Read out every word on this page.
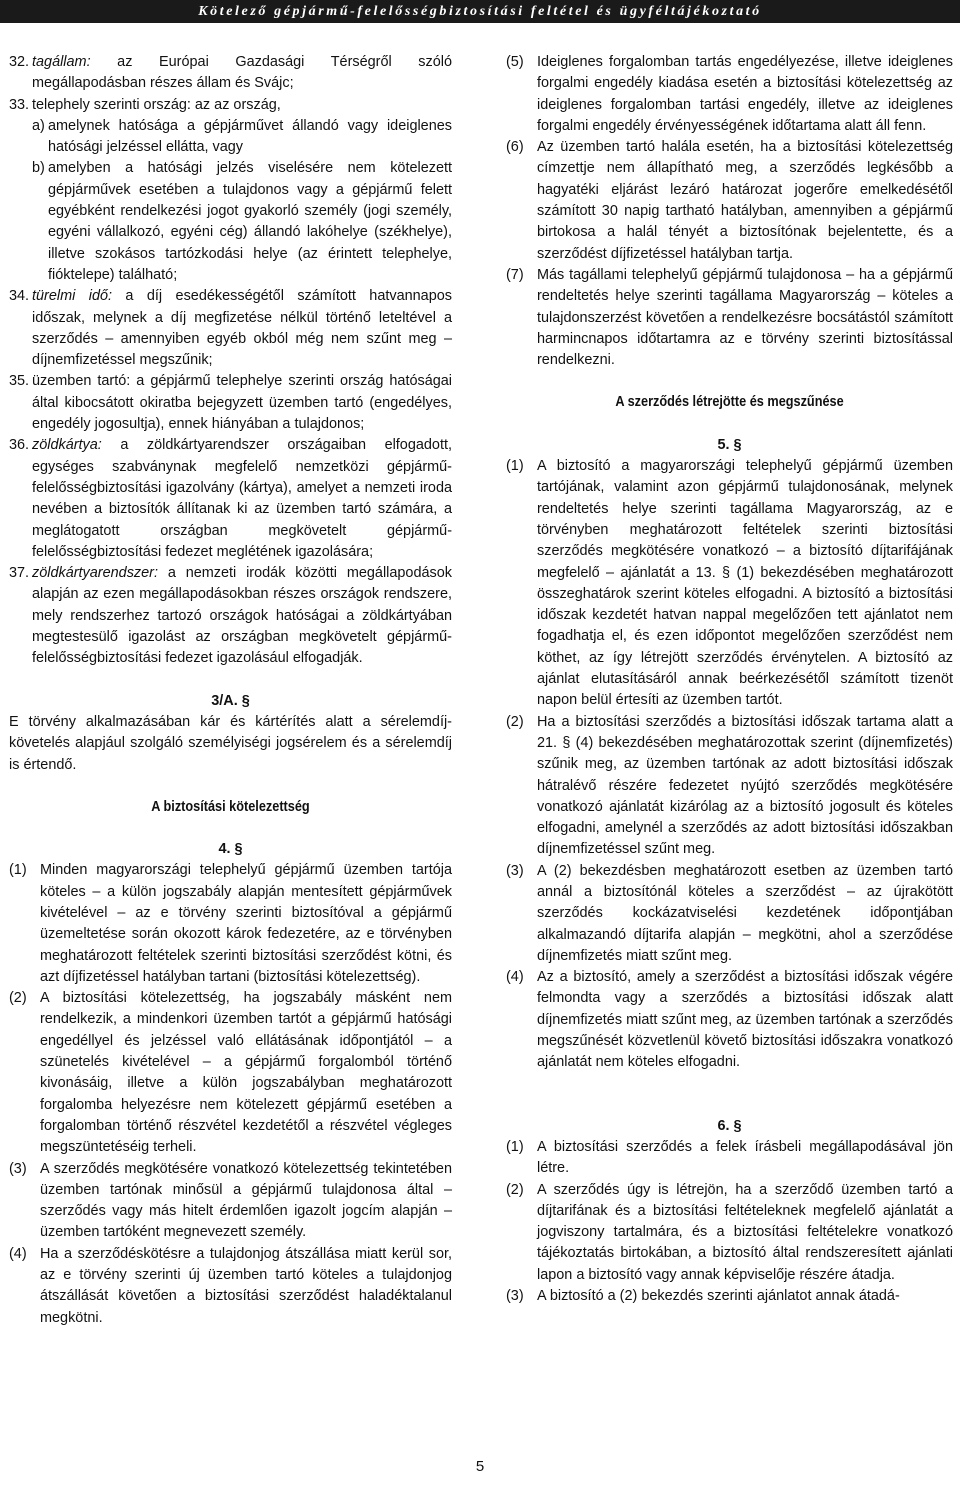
Kötelező gépjármű-felelősségbiztosítási feltétel és ügyféltájékoztató
32. tagállam: az Európai Gazdasági Térségről szóló megállapodásban részes állam és Svájc;
33. telephely szerinti ország: az az ország,
a) amelynek hatósága a gépjárművet állandó vagy ideiglenes hatósági jelzéssel ellátta, vagy
b) amelyben a hatósági jelzés viselésére nem kötelezett gépjárművek esetében a tulajdonos vagy a gépjármű felett egyébként rendelkezési jogot gyakorló személy (jogi személy, egyéni vállalkozó, egyéni cég) állandó lakóhelye (székhelye), illetve szokásos tartózkodási helye (az érintett telephelye, fióktelepe) található;
34. türelmi idő: a díj esedékességétől számított hatvannapos időszak, melynek a díj megfizetése nélkül történő leteltével a szerződés – amennyiben egyéb okból még nem szűnt meg – díjnemfizetéssel megszűnik;
35. üzemben tartó: a gépjármű telephelye szerinti ország hatóságai által kibocsátott okiratba bejegyzett üzemben tartó (engedélyes, engedély jogosultja), ennek hiányában a tulajdonos;
36. zöldkártya: a zöldkártyarendszer országaiban elfogadott, egységes szabványnak megfelelő nemzetközi gépjármű-felelősségbiztosítási igazolvány (kártya), amelyet a nemzeti iroda nevében a biztosítók állítanak ki az üzemben tartó számára, a meglátogatott országban megkövetelt gépjármű-felelősségbiztosítási fedezet meglétének igazolására;
37. zöldkártyarendszer: a nemzeti irodák közötti megállapodások alapján az ezen megállapodásokban részes országok rendszere, mely rendszerhez tartozó országok hatóságai a zöldkártyában megtestesülő igazolást az országban megkövetelt gépjármű-felelősségbiztosítási fedezet igazolásául elfogadják.
3/A. §
E törvény alkalmazásában kár és kártérítés alatt a sérelemdíj-követelés alapjául szolgáló személyiségi jogsérelem és a sérelemdíj is értendő.
A biztosítási kötelezettség
4. §
(1) Minden magyarországi telephelyű gépjármű üzemben tartója köteles – a külön jogszabály alapján mentesített gépjárművek kivételével – az e törvény szerinti biztosítóval a gépjármű üzemeltetése során okozott károk fedezetére, az e törvényben meghatározott feltételek szerinti biztosítási szerződést kötni, és azt díjfizetéssel hatályban tartani (biztosítási kötelezettség).
(2) A biztosítási kötelezettség, ha jogszabály másként nem rendelkezik, a mindenkori üzemben tartót a gépjármű hatósági engedéllyel és jelzéssel való ellátásának időpontjától – a szünetelés kivételével – a gépjármű forgalomból történő kivonásáig, illetve a külön jogszabályban meghatározott forgalomba helyezésre nem kötelezett gépjármű esetében a forgalomban történő részvétel kezdetétől a részvétel végleges megszüntetéséig terheli.
(3) A szerződés megkötésére vonatkozó kötelezettség tekintetében üzemben tartónak minősül a gépjármű tulajdonosa által – szerződés vagy más hitelt érdemlően igazolt jogcím alapján – üzemben tartóként megnevezett személy.
(4) Ha a szerződéskötésre a tulajdonjog átszállása miatt kerül sor, az e törvény szerinti új üzemben tartó köteles a tulajdonjog átszállását követően a biztosítási szerződést haladéktalanul megkötni.
(5) Ideiglenes forgalomban tartás engedélyezése, illetve ideiglenes forgalmi engedély kiadása esetén a biztosítási kötelezettség az ideiglenes forgalomban tartási engedély, illetve az ideiglenes forgalmi engedély érvényességének időtartama alatt áll fenn.
(6) Az üzemben tartó halála esetén, ha a biztosítási kötelezettség címzettje nem állapítható meg, a szerződés legkésőbb a hagyatéki eljárást lezáró határozat jogerőre emelkedésétől számított 30 napig tartható hatályban, amennyiben a gépjármű birtokosa a halál tényét a biztosítónak bejelentette, és a szerződést díjfizetéssel hatályban tartja.
(7) Más tagállami telephelyű gépjármű tulajdonosa – ha a gépjármű rendeltetés helye szerinti tagállama Magyarország – köteles a tulajdonszerzést követően a rendelkezésre bocsátástól számított harmincnapos időtartamra az e törvény szerinti biztosítással rendelkezni.
A szerződés létrejötte és megszűnése
5. §
(1) A biztosító a magyarországi telephelyű gépjármű üzemben tartójának, valamint azon gépjármű tulajdonosának, melynek rendeltetés helye szerinti tagállama Magyarország, az e törvényben meghatározott feltételek szerinti biztosítási szerződés megkötésére vonatkozó – a biztosító díjtarifájának megfelelő – ajánlatát a 13. § (1) bekezdésében meghatározott összeghatárok szerint köteles elfogadni. A biztosító a biztosítási időszak kezdetét hatvan nappal megelőzően tett ajánlatot nem fogadhatja el, és ezen időpontot megelőzően szerződést nem köthet, az így létrejött szerződés érvénytelen. A biztosító az ajánlat elutasításáról annak beérkezésétől számított tizenöt napon belül értesíti az üzemben tartót.
(2) Ha a biztosítási szerződés a biztosítási időszak tartama alatt a 21. § (4) bekezdésében meghatározottak szerint (díjnemfizetés) szűnik meg, az üzemben tartónak az adott biztosítási időszak hátralévő részére fedezetet nyújtó szerződés megkötésére vonatkozó ajánlatát kizárólag az a biztosító jogosult és köteles elfogadni, amelynél a szerződés az adott biztosítási időszakban díjnemfizetéssel szűnt meg.
(3) A (2) bekezdésben meghatározott esetben az üzemben tartó annál a biztosítónál köteles a szerződést – az újrakötött szerződés kockázatviselési kezdetének időpontjában alkalmazandó díjtarifa alapján – megkötni, ahol a szerződése díjnemfizetés miatt szűnt meg.
(4) Az a biztosító, amely a szerződést a biztosítási időszak végére felmondta vagy a szerződés a biztosítási időszak alatt díjnemfizetés miatt szűnt meg, az üzemben tartónak a szerződés megszűnését közvetlenül követő biztosítási időszakra vonatkozó ajánlatát nem köteles elfogadni.
6. §
(1) A biztosítási szerződés a felek írásbeli megállapodásával jön létre.
(2) A szerződés úgy is létrejön, ha a szerződő üzemben tartó a díjtarifának és a biztosítási feltételeknek megfelelő ajánlatát a jogviszony tartalmára, és a biztosítási feltételekre vonatkozó tájékoztatás birtokában, a biztosító által rendszeresített ajánlati lapon a biztosító vagy annak képviselője részére átadja.
(3) A biztosító a (2) bekezdés szerinti ajánlatot annak átadá-
5
